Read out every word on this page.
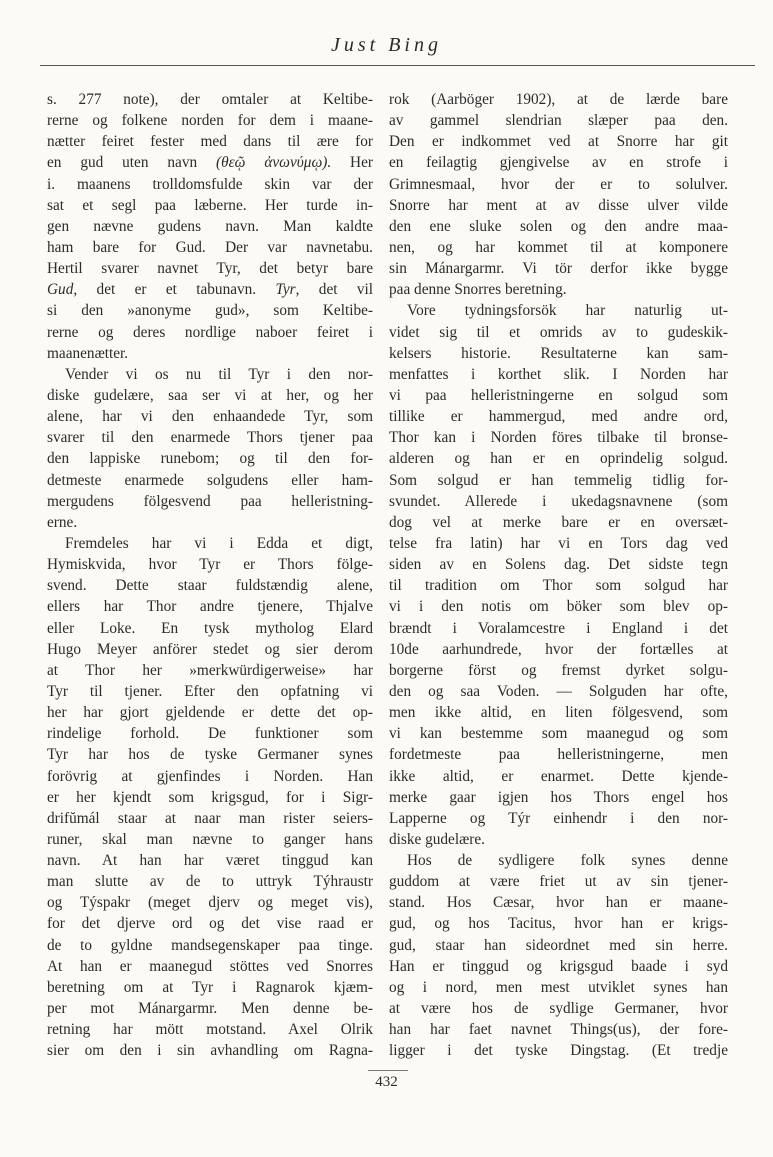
Just Bing
s. 277 note), der omtaler at Keltibe-
rerne og folkene norden for dem i maane-
nætter feiret fester med dans til ære for
en gud uten navn (θεῷ ἀνωνύμῳ). Her
i. maanens trolldomsfulde skin var der
sat et segl paa læberne. Her turde in-
gen nævne gudens navn. Man kaldte
ham bare for Gud. Der var navnetabu.
Hertil svarer navnet Tyr, det betyr bare
Gud, det er et tabunavn. Tyr, det vil
si den »anonyme gud», som Keltibe-
rerne og deres nordlige naboer feiret i
maanenætter.
Vender vi os nu til Tyr i den nor-
diske gudelære, saa ser vi at her, og her
alene, har vi den enhaandede Tyr, som
svarer til den enarmede Thors tjener paa
den lappiske runebom; og til den for-
detmeste enarmede solgudens eller ham-
mergudens fölgesvend paa helleristning-
erne.
Fremdeles har vi i Edda et digt,
Hymiskvida, hvor Tyr er Thors fölge-
svend. Dette staar fuldstændig alene,
ellers har Thor andre tjenere, Thjalve
eller Loke. En tysk mytholog Elard
Hugo Meyer anförer stedet og sier derom
at Thor her »merkwürdigerweise» har
Tyr til tjener. Efter den opfatning vi
her har gjort gjeldende er dette det op-
rindelige forhold. De funktioner som
Tyr har hos de tyske Germaner synes
forövrig at gjenfindes i Norden. Han
er her kjendt som krigsgud, for i Sigr-
drifŭmál staar at naar man rister seiers-
runer, skal man nævne to ganger hans
navn. At han har været tinggud kan
man slutte av de to uttryk Týhraustr
og Týspakr (meget djerv og meget vis),
for det djerve ord og det vise raad er
de to gyldne mandsegenskaper paa tinge.
At han er maanegud stöttes ved Snorres
beretning om at Tyr i Ragnarok kjæm-
per mot Mánargarmr. Men denne be-
retning har mött motstand. Axel Olrik
sier om den i sin avhandling om Ragna-
rok (Aarböger 1902), at de lærde bare
av gammel slendrian slæper paa den.
Den er indkommet ved at Snorre har git
en feilagtig gjengivelse av en strofe i
Grimnesmaal, hvor der er to solulver.
Snorre har ment at av disse ulver vilde
den ene sluke solen og den andre maa-
nen, og har kommet til at komponere
sin Mánargarmr. Vi tör derfor ikke bygge
paa denne Snorres beretning.
Vore tydningsforsök har naturlig ut-
videt sig til et omrids av to gudeskik-
kelsers historie. Resultaterne kan sam-
menfattes i korthet slik. I Norden har
vi paa helleristningerne en solgud som
tillike er hammergud, med andre ord,
Thor kan i Norden föres tilbake til bronse-
alderen og han er en oprindelig solgud.
Som solgud er han temmelig tidlig for-
svundet. Allerede i ukedagsnavnene (som
dog vel at merke bare er en oversæt-
telse fra latin) har vi en Tors dag ved
siden av en Solens dag. Det sidste tegn
til tradition om Thor som solgud har
vi i den notis om böker som blev op-
brændt i Voralamcestre i England i det
10de aarhundrede, hvor der fortælles at
borgerne först og fremst dyrket solgu-
den og saa Voden. — Solguden har ofte,
men ikke altid, en liten fölgesvend, som
vi kan bestemme som maanegud og som
fordetmeste paa helleristningerne, men
ikke altid, er enarmet. Dette kjende-
merke gaar igjen hos Thors engel hos
Lapperne og Týr einhendr i den nor-
diske gudelære.
Hos de sydligere folk synes denne
guddom at være friet ut av sin tjener-
stand. Hos Cæsar, hvor han er maane-
gud, og hos Tacitus, hvor han er krigs-
gud, staar han sideordnet med sin herre.
Han er tinggud og krigsgud baade i syd
og i nord, men mest utviklet synes han
at være hos de sydlige Germaner, hvor
han har faet navnet Things(us), der fore-
ligger i det tyske Dingstag. (Et tredje
432
